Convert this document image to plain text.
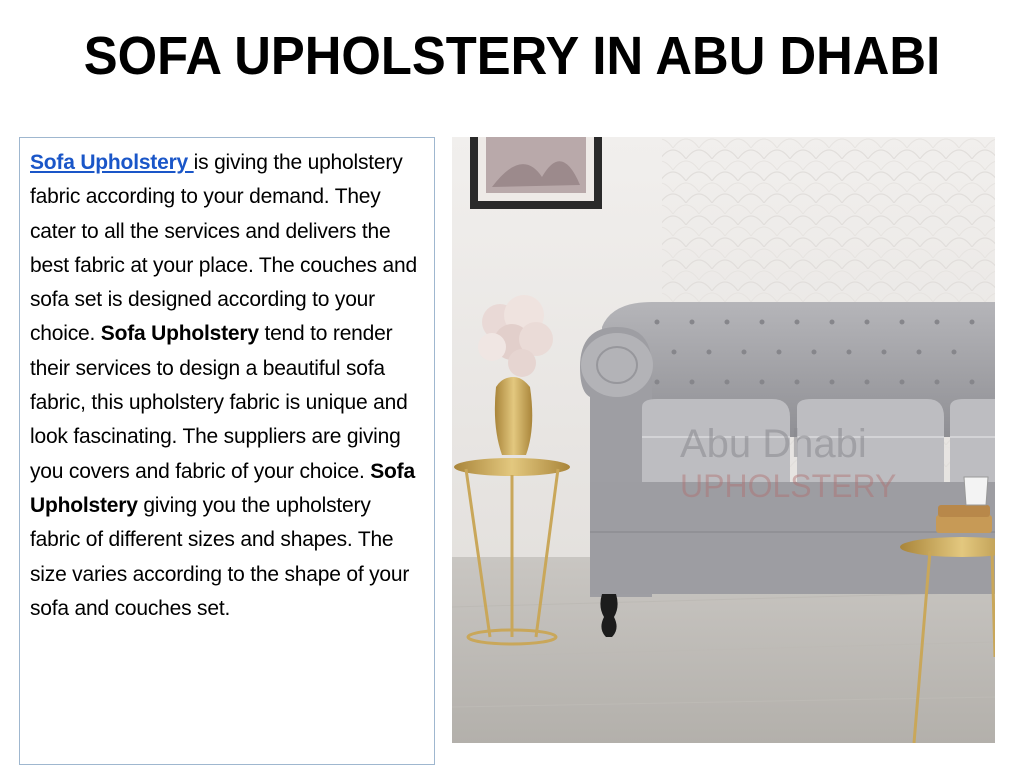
SOFA UPHOLSTERY IN ABU DHABI

Sofa Upholstery is giving the upholstery fabric according to your demand. They cater to all the services and delivers the best fabric at your place. The couches and sofa set is designed according to your choice. Sofa Upholstery tend to render their services to design a beautiful sofa fabric, this upholstery fabric is unique and look fascinating. The suppliers are giving you covers and fabric of your choice. Sofa Upholstery giving you the upholstery fabric of different sizes and shapes. The size varies according to the shape of your sofa and couches set.

Abu Dhabi
UPHOLSTERY
